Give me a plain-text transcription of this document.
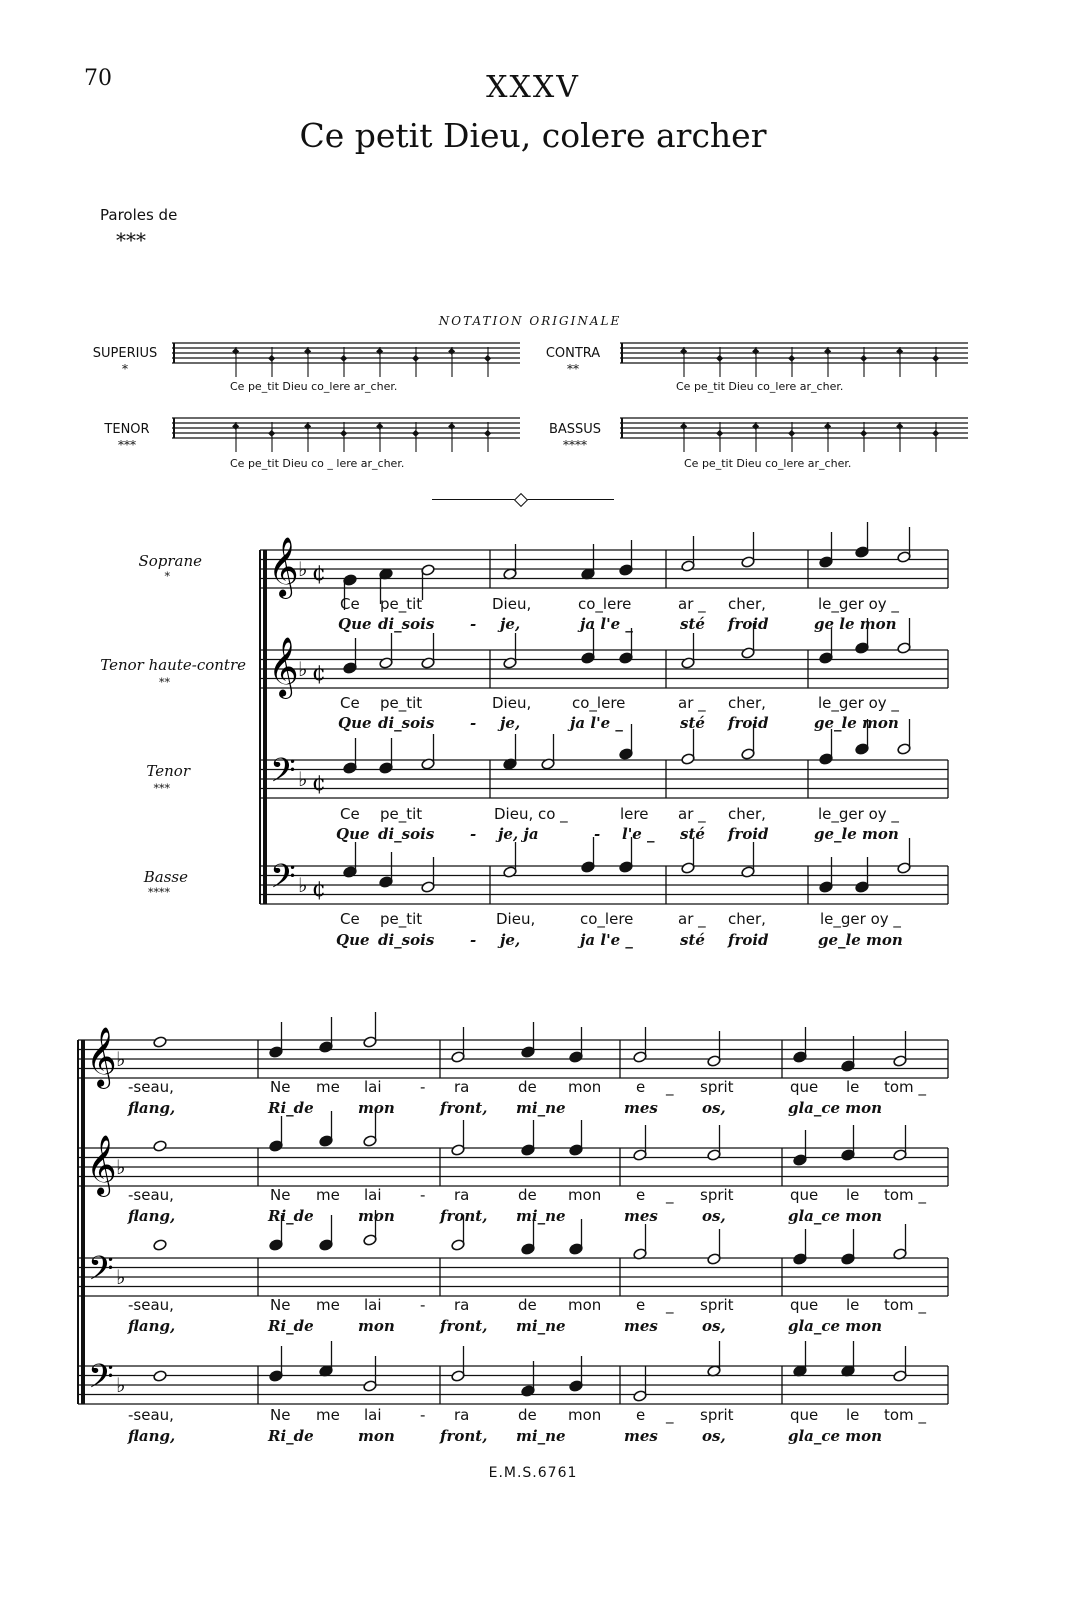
70	XXXV
Ce petit Dieu, colere archer
Paroles de
***
NOTATION ORIGINALE
SUPERIUS
*
CONTRA
**
TENOR
***
BASSUS
****
Ce pe_tit Dieu co_lere ar_cher.	Ce pe_tit Dieu co_lere ar_cher.
Ce pe_tit Dieu co _ lere ar_cher.	Ce pe_tit Dieu co_lere ar_cher.
Soprane
*
Tenor haute-contre
**
Tenor
***
Basse
****
Ce pe_tit	Dieu,	co_lere	ar _ cher,	le_ger oy _
Que di_sois - je,	ja l'e _	sté froid	ge le mon
Ce pe_tit	Dieu,	co_lere	ar _ cher,	le_ger oy _
Que di_sois - je,	ja l'e _	sté froid	ge_le mon
Ce pe_tit	Dieu, co _	lere ar _ cher,	le_ger oy _
Que di_sois - je, ja	- l'e _ sté froid	ge_le mon
Ce pe_tit	Dieu,	co_lere	ar _ cher,	le_ger oy _
Que di_sois - je,	ja l'e _	sté froid	ge_le mon
-seau,	Ne me lai	- ra	de mon e _ sprit	que le tom _
flang,	Ri_de	mon	front, mi_ne	mes	os,	gla_ce mon
-seau,	Ne me lai	- ra	de mon e _ sprit	que le tom _
flang,	Ri_de	mon	front, mi_ne	mes	os,	gla_ce mon
-seau,	Ne me lai	- ra	de mon e _ sprit	que le tom _
flang,	Ri_de	mon	front, mi_ne	mes	os,	gla_ce mon
-seau,	Ne me lai	- ra	de mon e _ sprit	que le tom _
flang,	Ri_de	mon	front, mi_ne	mes	os,	gla_ce mon
E.M.S.6761
𝄞 ♭ ¢
𝄞 ♭ ¢
𝄢 ♭ ¢
𝄢 ♭ ¢
𝄞 ♭
𝄞 ♭
𝄢 ♭
𝄢 ♭
